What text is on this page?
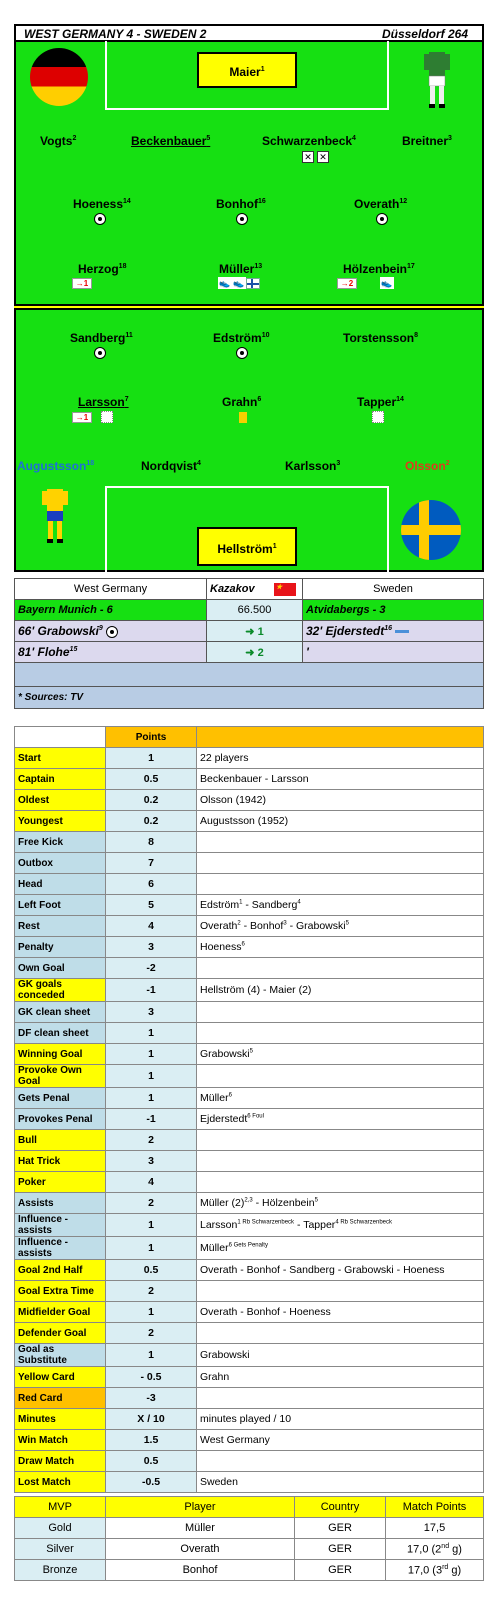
WEST GERMANY 4 - SWEDEN 2	Düsseldorf 264
Maier$^1$
Vogts$^2$	Beckenbauer$^5$	Schwarzenbeck$^4$
✕ ✕
Breitner$^3$
Hoeness$^{14}$	Bonhof$^{16}$	Overath$^{12}$
Herzog$^{18}$
→1
Müller$^{13}$
👟 👟
Hölzenbein$^{17}$
→2	👟
Sandberg$^{11}$	Edström$^{10}$	Torstensson$^8$
Larsson$^7$
→1
Grahn$^6$	Tapper$^{14}$
Augustsson$^{18}$	Nordqvist$^4$	Karlsson$^3$	Olsson$^2$
Hellström$^1$
West Germany	Kazakov ★	Sweden
Bayern Munich - 6	66.500	Atvidabergs - 3
66' Grabowski$^9$	➜ 1	32' Ejderstedt$^{16}$
81' Flohe$^{15}$	➜ 2	'

* Sources: TV		
	Points	
Start	1	22 players
Captain	0.5	Beckenbauer - Larsson
Oldest	0.2	Olsson (1942)
Youngest	0.2	Augustsson (1952)
Free Kick	8	
Outbox	7	
Head	6	
Left Foot	5	Edström$^1$ - Sandberg$^4$
Rest	4	Overath$^2$ - Bonhof$^3$ - Grabowski$^5$
Penalty	3	Hoeness$^6$
Own Goal	-2	
GK goals conceded	-1	Hellström (4) - Maier (2)
GK clean sheet	3	
DF clean sheet	1	
Winning Goal	1	Grabowski$^5$
Provoke Own Goal	1	
Gets Penal	1	Müller$^6$
Provokes Penal	-1	Ejderstedt$^{6 Foul}$
Bull	2	
Hat Trick	3	
Poker	4	
Assists	2	Müller $(2)^{2,3}$ - Hölzenbein$^5$
Influence - assists	1	Larsson$^{1 Rb Schwarzenbeck}$ - Tapper$^{4 Rb Schwarzenbeck}$
Influence - assists	1	Müller$^{6 Gets Penalty}$
Goal 2nd Half	0.5	Overath - Bonhof - Sandberg - Grabowski - Hoeness
Goal Extra Time	2	
Midfielder Goal	1	Overath - Bonhof - Hoeness
Defender Goal	2	
Goal as Substitute	1	Grabowski
Yellow Card	- 0.5	Grahn
Red Card	-3	
Minutes	X / 10	minutes played / 10
Win Match	1.5	West Germany
Draw Match	0.5	
Lost Match	-0.5	Sweden
MVP	Player	Country	Match Points
Gold	Müller	GER	17,5
Silver	Overath	GER	17,0 (2nd g)
Bronze	Bonhof	GER	17,0 (3rd g)
